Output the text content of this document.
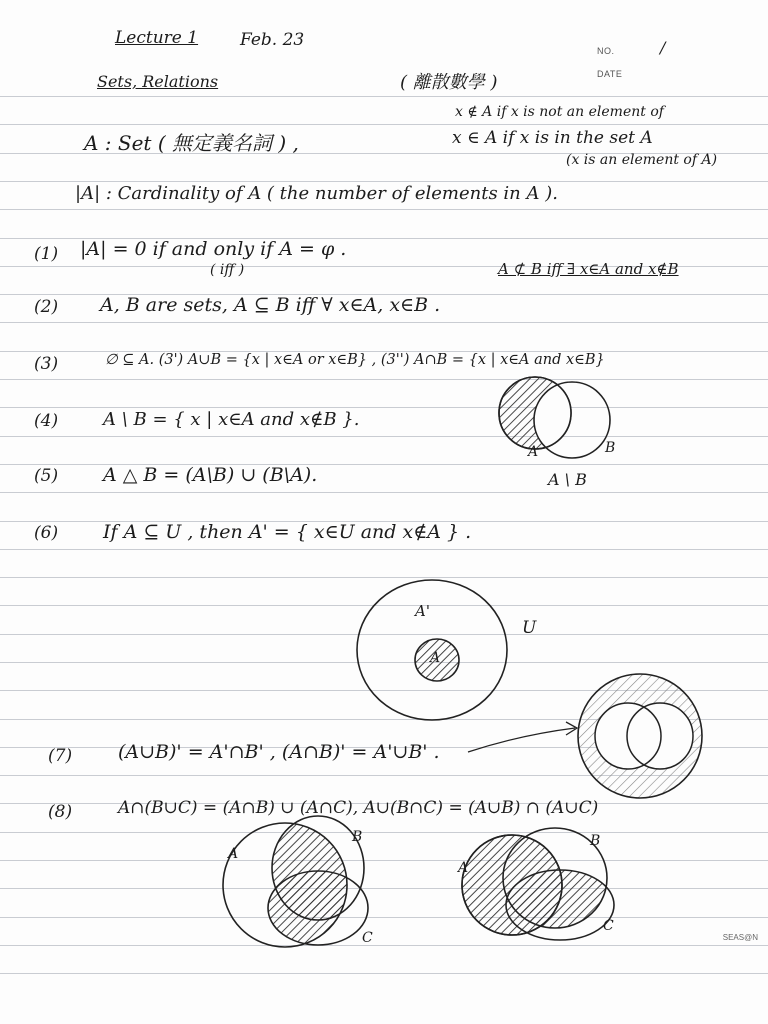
NO.	/
DATE
Lecture 1 Feb. 23
Sets, Relations	( 離散數學 )
x ∉ A if x is not an element of
A : Set ( 無定義名詞 ) ,	x ∈ A if x is in the set A
(x is an element of A)
|A| : Cardinality of A ( the number of elements in A ).
(1) |A| = 0 if and only if A = φ .
( iff )	A ⊄ B iff ∃ x∈A and x∉B
(2) A, B are sets, A ⊆ B iff ∀ x∈A, x∈B .
(3)	∅ ⊆ A. (3') A∪B = {x | x∈A or x∈B} , (3'') A∩B = {x | x∈A and x∈B}
(4) A \ B = { x | x∈A and x∉B }.
(5) A △ B = (A\B) ∪ (B\A).
(6) If A ⊆ U , then A' = { x∈U and x∉A } .
(7) (A∪B)' = A'∩B' , (A∩B)' = A'∪B' .
(8)	A∩(B∪C) = (A∩B) ∪ (A∩C), A∪(B∩C) = (A∪B) ∩ (A∪C)
A	B
A \ B
A'
A
U
A
B
C
A
B
C
SEAS@N
